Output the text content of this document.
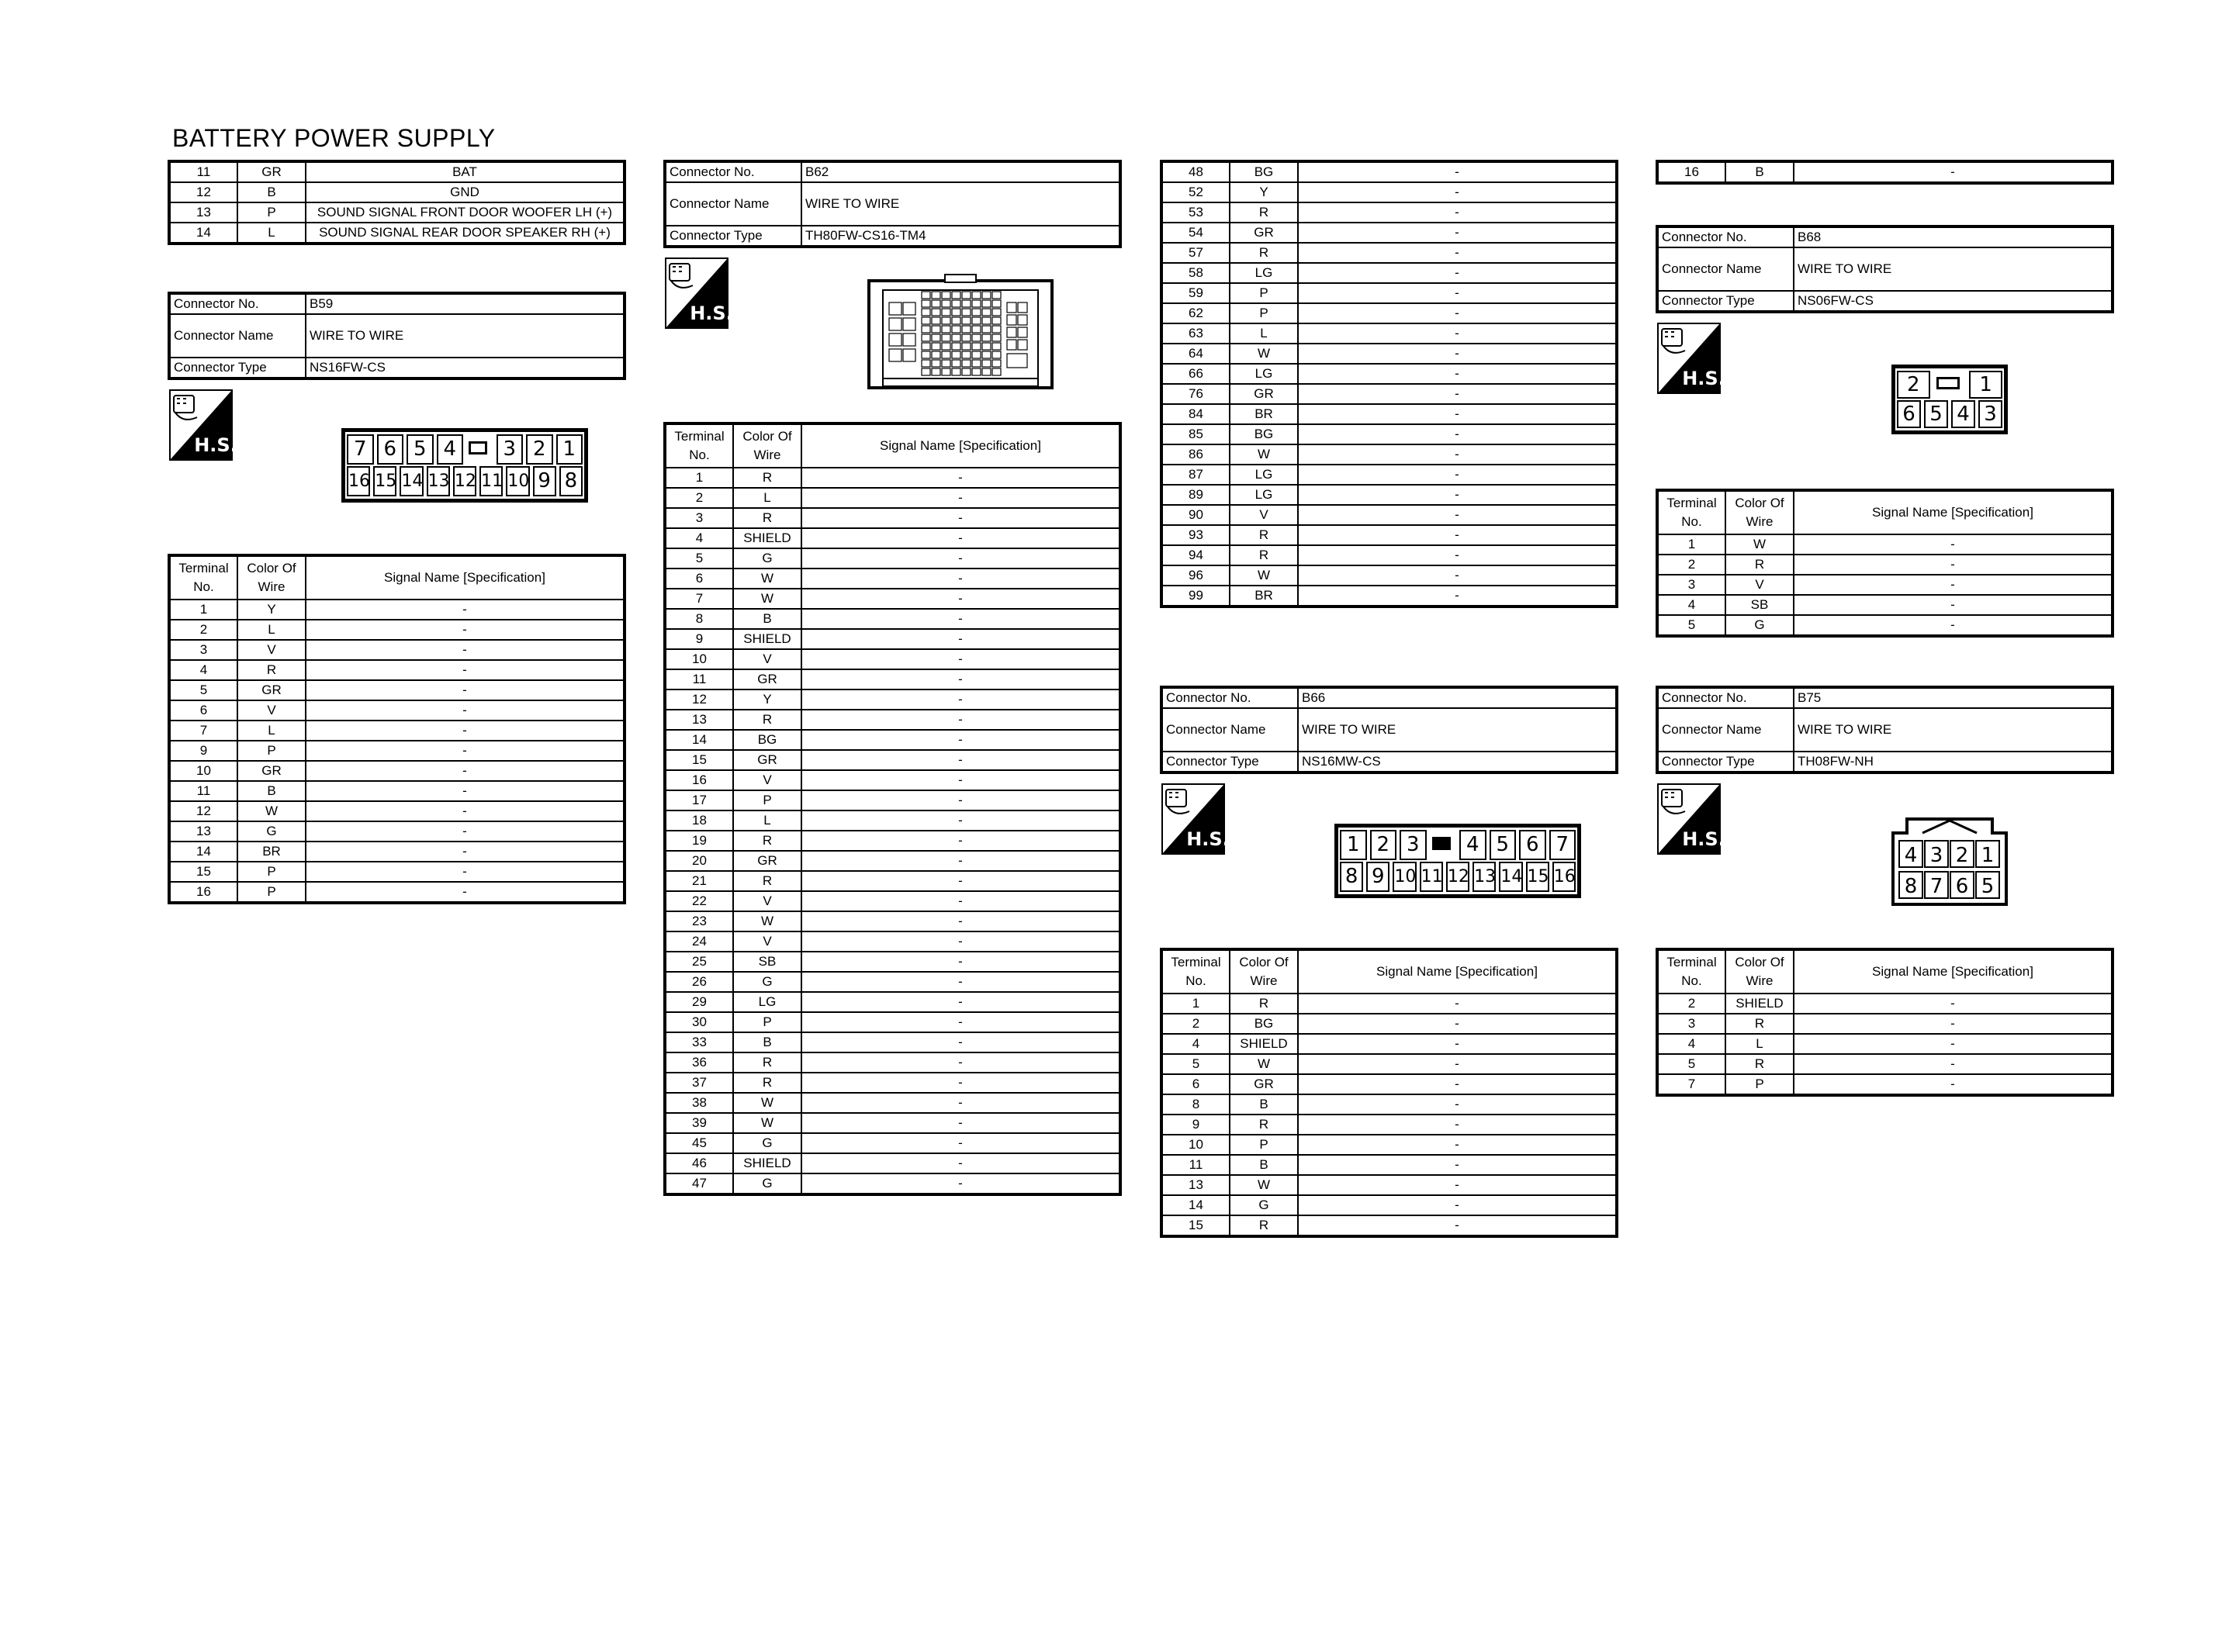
BATTERY POWER SUPPLY
11	GR	BAT
12	B	GND
13	P	SOUND SIGNAL FRONT DOOR WOOFER LH (+)
14	L	SOUND SIGNAL REAR DOOR SPEAKER RH (+)
Connector No.	B59
Connector Name	WIRE TO WIRE
Connector Type	NS16FW-CS
H.S.	7 6 5 4	3 2 1
16 15 14 13 12 11 10 9 8
Terminal No.	Color Of Wire	Signal Name [Specification]
1	Y	-
2	L	-
3	V	-
4	R	-
5	GR	-
6	V	-
7	L	-
9	P	-
10	GR	-
11	B	-
12	W	-
13	G	-
14	BR	-
15	P	-
16	P	-
Connector No.	B62
Connector Name	WIRE TO WIRE
Connector Type	TH80FW-CS16-TM4
H.S.
Terminal No.	Color Of Wire	Signal Name [Specification]
1	R	-
2	L	-
3	R	-
4	SHIELD	-
5	G	-
6	W	-
7	W	-
8	B	-
9	SHIELD	-
10	V	-
11	GR	-
12	Y	-
13	R	-
14	BG	-
15	GR	-
16	V	-
17	P	-
18	L	-
19	R	-
20	GR	-
21	R	-
22	V	-
23	W	-
24	V	-
25	SB	-
26	G	-
29	LG	-
30	P	-
33	B	-
36	R	-
37	R	-
38	W	-
39	W	-
45	G	-
46	SHIELD	-
47	G	-
48	BG	-
52	Y	-
53	R	-
54	GR	-
57	R	-
58	LG	-
59	P	-
62	P	-
63	L	-
64	W	-
66	LG	-
76	GR	-
84	BR	-
85	BG	-
86	W	-
87	LG	-
89	LG	-
90	V	-
93	R	-
94	R	-
96	W	-
99	BR	-
Connector No.	B66
Connector Name	WIRE TO WIRE
Connector Type	NS16MW-CS
H.S.	1 2 3	4 5 6 7
8 9 10 11 12 13 14 15 16
Terminal No.	Color Of Wire	Signal Name [Specification]
1	R	-
2	BG	-
4	SHIELD	-
5	W	-
6	GR	-
8	B	-
9	R	-
10	P	-
11	B	-
13	W	-
14	G	-
15	R	-
16	B	-
Connector No.	B68
Connector Name	WIRE TO WIRE
Connector Type	NS06FW-CS
H.S.	2	1
6 5 4 3
Terminal No.	Color Of Wire	Signal Name [Specification]
1	W	-
2	R	-
3	V	-
4	SB	-
5	G	-
Connector No.	B75
Connector Name	WIRE TO WIRE
Connector Type	TH08FW-NH
H.S.
4 3 2 1
8 7 6 5
Terminal No.	Color Of Wire	Signal Name [Specification]
2	SHIELD	-
3	R	-
4	L	-
5	R	-
7	P	-
